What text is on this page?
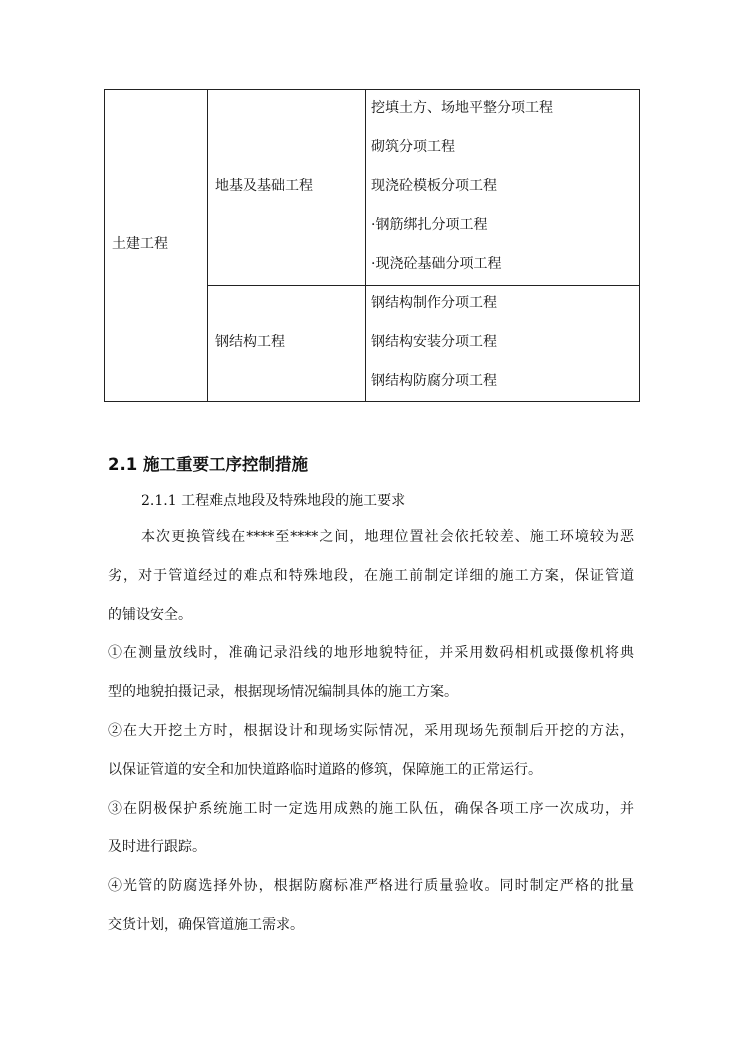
土建工程
地基及基础工程
钢结构工程
挖填土方、场地平整分项工程
砌筑分项工程
现浇砼模板分项工程
·钢筋绑扎分项工程
·现浇砼基础分项工程
钢结构制作分项工程
钢结构安装分项工程
钢结构防腐分项工程
2.1 施工重要工序控制措施
2.1.1 工程难点地段及特殊地段的施工要求
本次更换管线在****至****之间，地理位置社会依托较差、施工环境较为恶
劣，对于管道经过的难点和特殊地段，在施工前制定详细的施工方案，保证管道
的铺设安全。
①在测量放线时，准确记录沿线的地形地貌特征，并采用数码相机或摄像机将典
型的地貌拍摄记录，根据现场情况编制具体的施工方案。
②在大开挖土方时，根据设计和现场实际情况，采用现场先预制后开挖的方法，
以保证管道的安全和加快道路临时道路的修筑，保障施工的正常运行。
③在阴极保护系统施工时一定选用成熟的施工队伍，确保各项工序一次成功，并
及时进行跟踪。
④光管的防腐选择外协，根据防腐标准严格进行质量验收。同时制定严格的批量
交货计划，确保管道施工需求。
